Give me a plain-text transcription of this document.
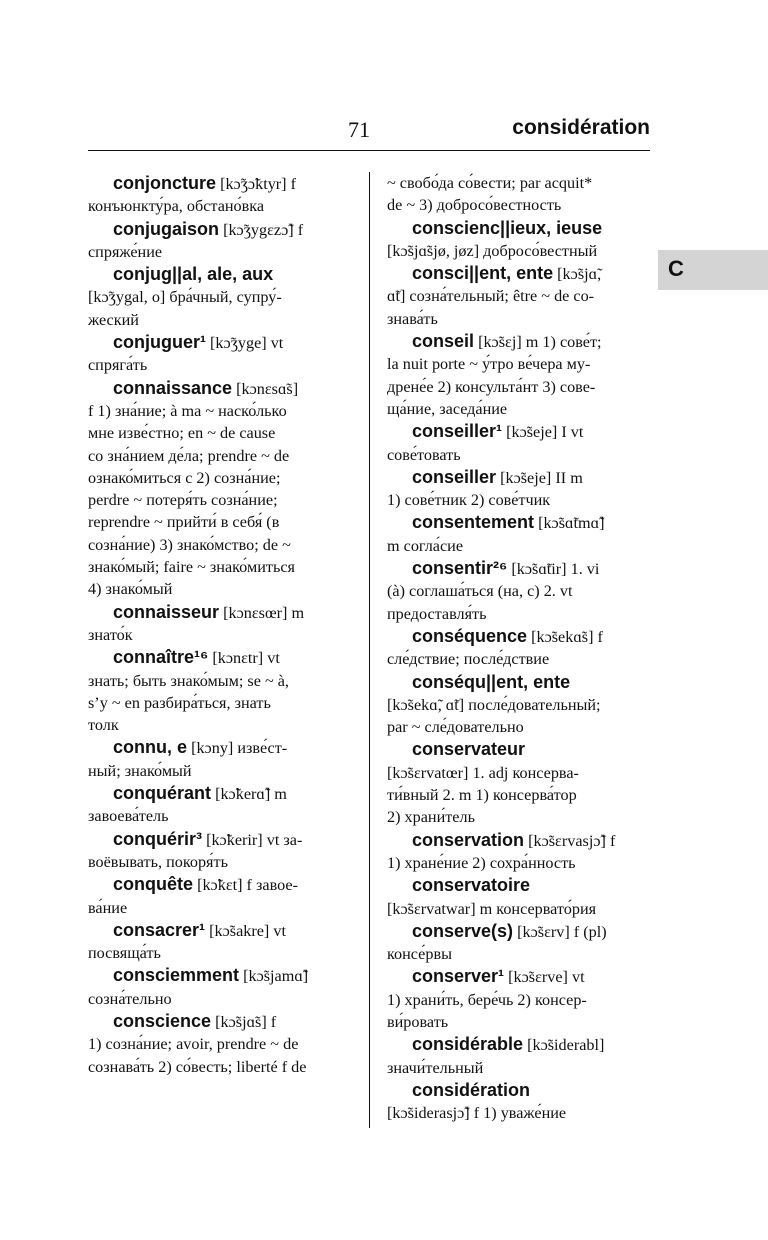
71	considération
conjoncture [kɔ̃ʒɔ̃ktyr] f
конъюнкту́ра, обстано́вка
conjugaison [kɔ̃ʒygɛzɔ̃] f
спряже́ние
conjug||al, ale, aux
[kɔ̃ʒygal, o] бра́чный, супру́-
жеский
conjuguer¹ [kɔ̃ʒyge] vt
спряга́ть
connaissance [kɔnɛsɑ̃s]
f 1) зна́ние; à ma ~ наско́лько
мне изве́стно; en ~ de cause
со зна́нием де́ла; prendre ~ de
ознако́миться с 2) созна́ние;
perdre ~ потеря́ть созна́ние;
reprendre ~ прийти́ в себя́ (в
созна́ние) 3) знако́мство; de ~
знако́мый; faire ~ знако́миться
4) знако́мый
connaisseur [kɔnɛsœr] m
знато́к
connaître¹⁶ [kɔnɛtr] vt
знать; быть знако́мым; se ~ à,
s’y ~ en разбира́ться, знать
толк
connu, e [kɔny] изве́ст-
ный; знако́мый
conquérant [kɔ̃kerɑ̃] m
завоева́тель
conquérir³ [kɔ̃kerir] vt за-
воёвывать, покоря́ть
conquête [kɔ̃kɛt] f завое-
ва́ние
consacrer¹ [kɔ̃sakre] vt
посвяща́ть
consciemment [kɔ̃sjamɑ̃]
созна́тельно
conscience [kɔ̃sjɑ̃s] f
1) созна́ние; avoir, prendre ~ de
сознава́ть 2) со́весть; liberté f de
~ свобо́да со́вести; par acquit*
de ~ 3) добросо́вестность
conscienc||ieux, ieuse
[kɔ̃sjɑ̃sjø, jøz] добросо́вестный
consci||ent, ente [kɔ̃sjɑ̃,
ɑ̃t] созна́тельный; être ~ de со-
знава́ть
conseil [kɔ̃sɛj] m 1) сове́т;
la nuit porte ~ у́тро ве́чера му-
дрене́е 2) консульта́нт 3) сове-
ща́ние, заседа́ние
conseiller¹ [kɔ̃seje] I vt
сове́товать
conseiller [kɔ̃sejе] II m
1) сове́тник 2) сове́тчик
consentement [kɔ̃sɑ̃tmɑ̃]
m согла́сие
consentir²⁶ [kɔ̃sɑ̃tir] 1. vi
(à) соглаша́ться (на, с) 2. vt
предоставля́ть
conséquence [kɔ̃sekɑ̃s] f
сле́дствие; после́дствие
conséqu||ent, ente
[kɔ̃sekɑ̃, ɑ̃t] после́довательный;
par ~ сле́довательно
conservateur
[kɔ̃sɛrvatœr] 1. adj консерва-
ти́вный 2. m 1) консерва́тор
2) храни́тель
conservation [kɔ̃sɛrvasjɔ̃] f
1) хране́ние 2) сохра́нность
conservatoire
[kɔ̃sɛrvatwar] m консервато́рия
conserve(s) [kɔ̃sɛrv] f (pl)
консе́рвы
conserver¹ [kɔ̃sɛrve] vt
1) храни́ть, бере́чь 2) консер-
ви́ровать
considérable [kɔ̃siderabl]
значи́тельный
considération
[kɔ̃siderasjɔ̃] f 1) уваже́ние
C
